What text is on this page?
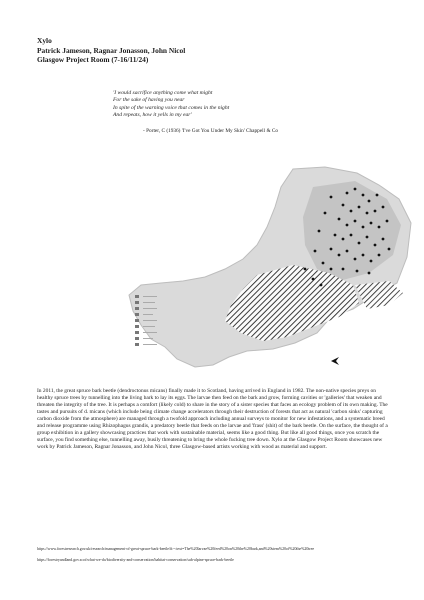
Xylo
Patrick Jameson, Ragnar Jonasson, John Nicol
Glasgow Project Room (7-16/11/24)
'I would sacrifice anything come what might
For the sake of having you near
In spite of the warning voice that comes in the night
And repeats, how it yells in my ear'
- Porter, C (1936) 'I've Got You Under My Skin' Chappell & Co

In 2011, the great spruce bark beetle (dendroctonus micans) finally made it to Scotland, having arrived in England in 1982. The non-native species preys on healthy spruce trees by tunnelling into the living bark to lay its eggs. The larvae then feed on the bark and grow, forming cavities or 'galleries' that weaken and threaten the integrity of the tree. It is perhaps a comfort (likely cold) to share in the story of a sister species that faces an ecology problem of its own making. The tastes and pursuits of d. micans (which include being climate change accelerators through their destruction of forests that act as natural 'carbon sinks' capturing carbon dioxide from the atmosphere) are managed through a twofold approach including annual surveys to monitor for new infestations, and a systematic breed and release programme using Rhizophagus grandis, a predatory beetle that feeds on the larvae and 'frass' (shit) of the bark beetle. On the surface, the thought of a group exhibition in a gallery showcasing practices that work with sustainable material, seems like a good thing. But like all good things, once you scratch the surface, you find something else, tunnelling away, busily threatening to bring the whole fucking tree down. Xylo at the Glasgow Project Room showcases new work by Patrick Jameson, Ragnar Jonasson, and John Nicol, three Glasgow-based artists working with wood as material and support.

https://www.forestresearch.gov.uk/research/management-of-great-spruce-bark-beetle/#:~:text=The%20larvae%20feed%20on%20the%20bark,and%20stem%20of%20the%20tree
https://forestryandland.gov.scot/what-we-do/biodiversity-and-conservation/habitat-conservation/sub-alpine-spruce-bark-beetle
